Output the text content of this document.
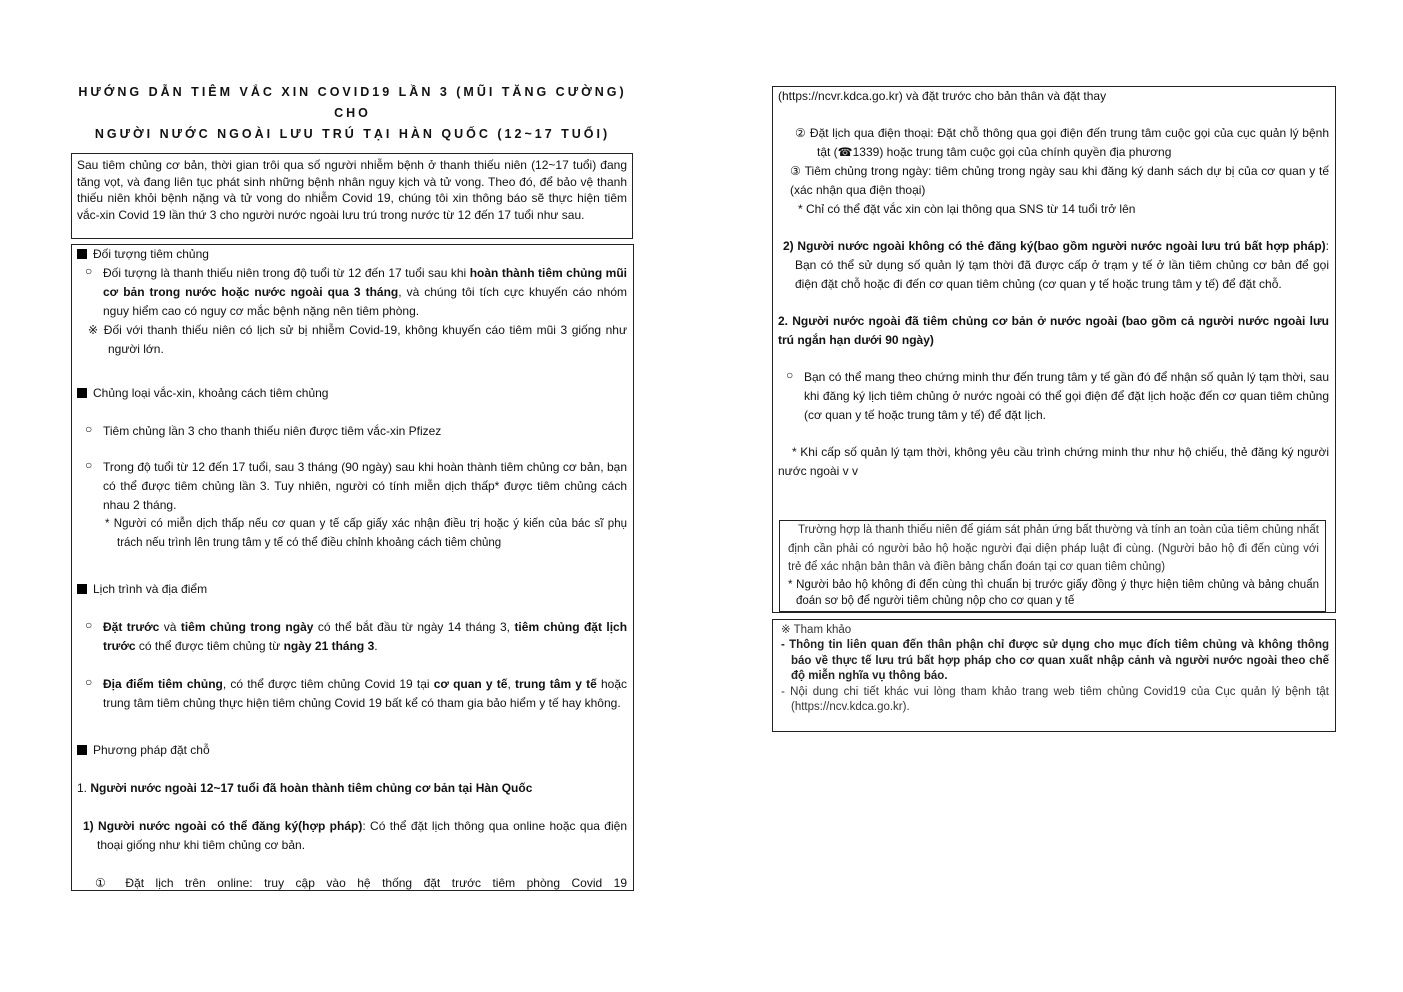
HƯỚNG DẪN TIÊM VẮC XIN COVID19 LẦN 3 (MŨI TĂNG CƯỜNG) CHO
NGƯỜI NƯỚC NGOÀI LƯU TRÚ TẠI HÀN QUỐC (12~17 TUỔI)

Sau tiêm chủng cơ bản, thời gian trôi qua số người nhiễm bệnh ở thanh thiếu niên (12~17 tuổi) đang tăng vọt, và đang liên tục phát sinh những bệnh nhân nguy kịch và tử vong. Theo đó, để bảo vệ thanh thiếu niên khỏi bệnh nặng và tử vong do nhiễm Covid 19, chúng tôi xin thông báo sẽ thực hiện tiêm vắc-xin Covid 19 lần thứ 3 cho người nước ngoài lưu trú trong nước từ 12 đến 17 tuổi như sau.

Đối tượng tiêm chủng

○ Đối tượng là thanh thiếu niên trong độ tuổi từ 12 đến 17 tuổi sau khi hoàn thành tiêm chủng mũi cơ bản trong nước hoặc nước ngoài qua 3 tháng, và chúng tôi tích cực khuyến cáo nhóm nguy hiểm cao có nguy cơ mắc bệnh nặng nên tiêm phòng.

※ Đối với thanh thiếu niên có lịch sử bị nhiễm Covid-19, không khuyến cáo tiêm mũi 3 giống như người lớn.

Chủng loại vắc-xin, khoảng cách tiêm chủng

○ Tiêm chủng lần 3 cho thanh thiếu niên được tiêm vắc-xin Pfizez

○ Trong độ tuổi từ 12 đến 17 tuổi, sau 3 tháng (90 ngày) sau khi hoàn thành tiêm chủng cơ bản, bạn có thể được tiêm chủng lần 3. Tuy nhiên, người có tính miễn dịch thấp* được tiêm chủng cách nhau 2 tháng.

* Người có miễn dịch thấp nếu cơ quan y tế cấp giấy xác nhận điều trị hoặc ý kiến của bác sĩ phụ trách nếu trình lên trung tâm y tế có thể điều chỉnh khoảng cách tiêm chủng

Lịch trình và địa điểm

○ Đặt trước và tiêm chủng trong ngày có thể bắt đầu từ ngày 14 tháng 3, tiêm chủng đặt lịch trước có thể được tiêm chủng từ ngày 21 tháng 3.

○ Địa điểm tiêm chủng, có thể được tiêm chủng Covid 19 tại cơ quan y tế, trung tâm y tế hoặc trung tâm tiêm chủng thực hiện tiêm chủng Covid 19 bất kể có tham gia bảo hiểm y tế hay không.

Phương pháp đặt chỗ

1. Người nước ngoài 12~17 tuổi đã hoàn thành tiêm chủng cơ bản tại Hàn Quốc

1) Người nước ngoài có thể đăng ký(hợp pháp): Có thể đặt lịch thông qua online hoặc qua điện thoại giống như khi tiêm chủng cơ bản.

① Đặt lịch trên online: truy cập vào hệ thống đặt trước tiêm phòng Covid 19

(https://ncvr.kdca.go.kr) và đặt trước cho bản thân và đặt thay

② Đặt lịch qua điện thoại: Đặt chỗ thông qua gọi điện đến trung tâm cuộc gọi của cục quản lý bệnh tật (☎1339) hoặc trung tâm cuộc gọi của chính quyền địa phương

③ Tiêm chủng trong ngày: tiêm chủng trong ngày sau khi đăng ký danh sách dự bị của cơ quan y tế (xác nhận qua điện thoại)

* Chỉ có thể đặt vắc xin còn lại thông qua SNS từ 14 tuổi trở lên

2) Người nước ngoài không có thẻ đăng ký(bao gồm người nước ngoài lưu trú bất hợp pháp): Bạn có thể sử dụng số quản lý tạm thời đã được cấp ở trạm y tế ở lần tiêm chủng cơ bản để gọi điện đặt chỗ hoặc đi đến cơ quan tiêm chủng (cơ quan y tế hoặc trung tâm y tế) để đặt chỗ.

2. Người nước ngoài đã tiêm chủng cơ bản ở nước ngoài (bao gồm cả người nước ngoài lưu trú ngắn hạn dưới 90 ngày)

○ Bạn có thể mang theo chứng minh thư đến trung tâm y tế gần đó để nhận số quản lý tạm thời, sau khi đăng ký lịch tiêm chủng ở nước ngoài có thể gọi điện để đặt lịch hoặc đến cơ quan tiêm chủng (cơ quan y tế hoặc trung tâm y tế) để đặt lịch.

* Khi cấp số quản lý tạm thời, không yêu cầu trình chứng minh thư như hộ chiếu, thẻ đăng ký người nước ngoài v v

Trường hợp là thanh thiếu niên để giám sát phản ứng bất thường và tính an toàn của tiêm chủng nhất định cần phải có người bảo hộ hoặc người đại diện pháp luật đi cùng. (Người bảo hộ đi đến cùng với trẻ để xác nhận bản thân và điền bảng chẩn đoán tại cơ quan tiêm chủng)

* Người bảo hộ không đi đến cùng thì chuẩn bị trước giấy đồng ý thực hiện tiêm chủng và bảng chuẩn đoán sơ bộ để người tiêm chủng nộp cho cơ quan y tế

※ Tham khảo

- Thông tin liên quan đến thân phận chỉ được sử dụng cho mục đích tiêm chủng và không thông báo về thực tế lưu trú bất hợp pháp cho cơ quan xuất nhập cảnh và người nước ngoài theo chế độ miễn nghĩa vụ thông báo.

- Nội dung chi tiết khác vui lòng tham khảo trang web tiêm chủng Covid19 của Cục quản lý bệnh tật (https://ncv.kdca.go.kr).
